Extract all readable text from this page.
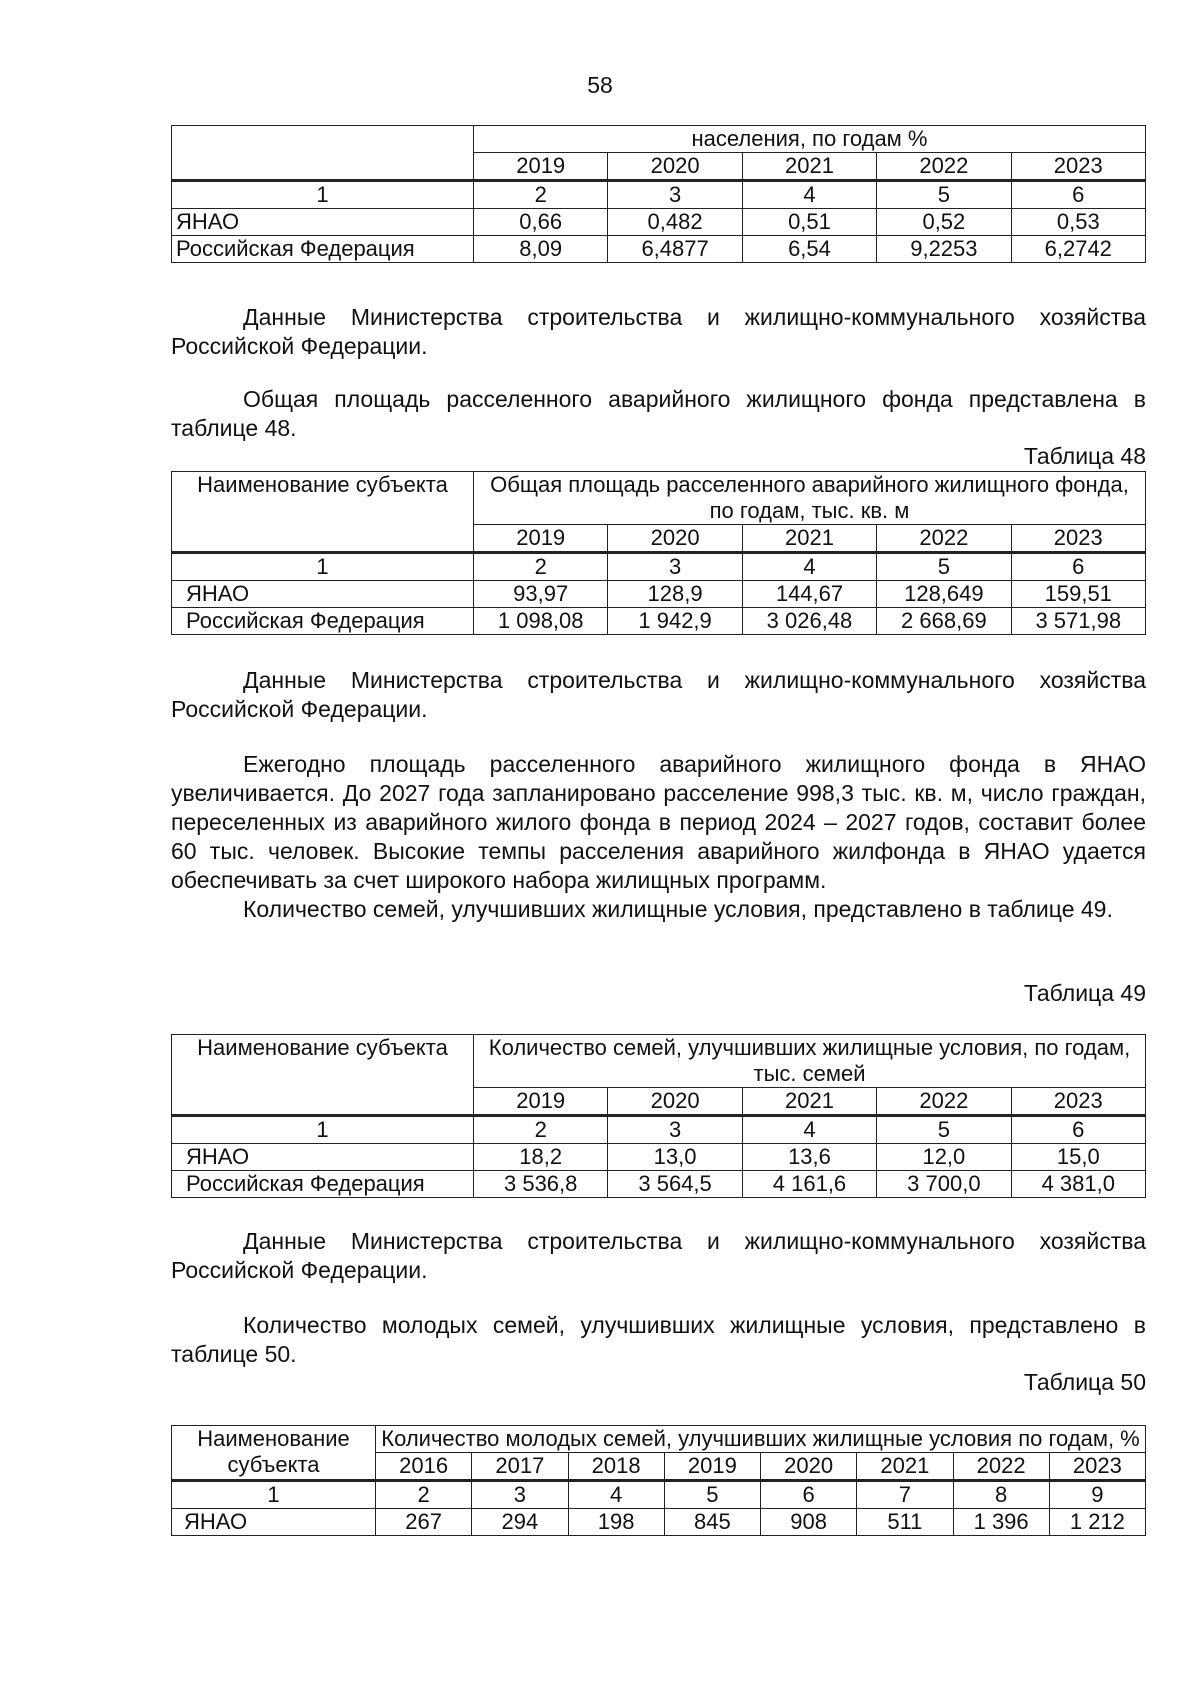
58
	населения, по годам %				
	2019	2020	2021	2022	2023
1	2	3	4	5	6
ЯНАО	0,66	0,482	0,51	0,52	0,53
Российская Федерация	8,09	6,4877	6,54	9,2253	6,2742

Данные Министерства строительства и жилищно-коммунального хозяйства Российской Федерации.

Общая площадь расселенного аварийного жилищного фонда представлена в таблице 48.

Таблица 48
Наименование субъекта	Общая площадь расселенного аварийного жилищного фонда, по годам, тыс. кв. м				
	2019	2020	2021	2022	2023
1	2	3	4	5	6
ЯНАО	93,97	128,9	144,67	128,649	159,51
Российская Федерация	1 098,08	1 942,9	3 026,48	2 668,69	3 571,98

Данные Министерства строительства и жилищно-коммунального хозяйства Российской Федерации.

Ежегодно площадь расселенного аварийного жилищного фонда в ЯНАО увеличивается. До 2027 года запланировано расселение 998,3 тыс. кв. м, число граждан, переселенных из аварийного жилого фонда в период 2024 – 2027 годов, составит более 60 тыс. человек. Высокие темпы расселения аварийного жилфонда в ЯНАО удается обеспечивать за счет широкого набора жилищных программ.

Количество семей, улучшивших жилищные условия, представлено в таблице 49.

Таблица 49
Наименование субъекта	Количество семей, улучшивших жилищные условия, по годам, тыс. семей				
	2019	2020	2021	2022	2023
1	2	3	4	5	6
ЯНАО	18,2	13,0	13,6	12,0	15,0
Российская Федерация	3 536,8	3 564,5	4 161,6	3 700,0	4 381,0

Данные Министерства строительства и жилищно-коммунального хозяйства Российской Федерации.

Количество молодых семей, улучшивших жилищные условия, представлено в таблице 50.

Таблица 50
Наименование субъекта	Количество молодых семей, улучшивших жилищные условия по годам, %							
	2016	2017	2018	2019	2020	2021	2022	2023
1	2	3	4	5	6	7	8	9
ЯНАО	267	294	198	845	908	511	1 396	1 212
